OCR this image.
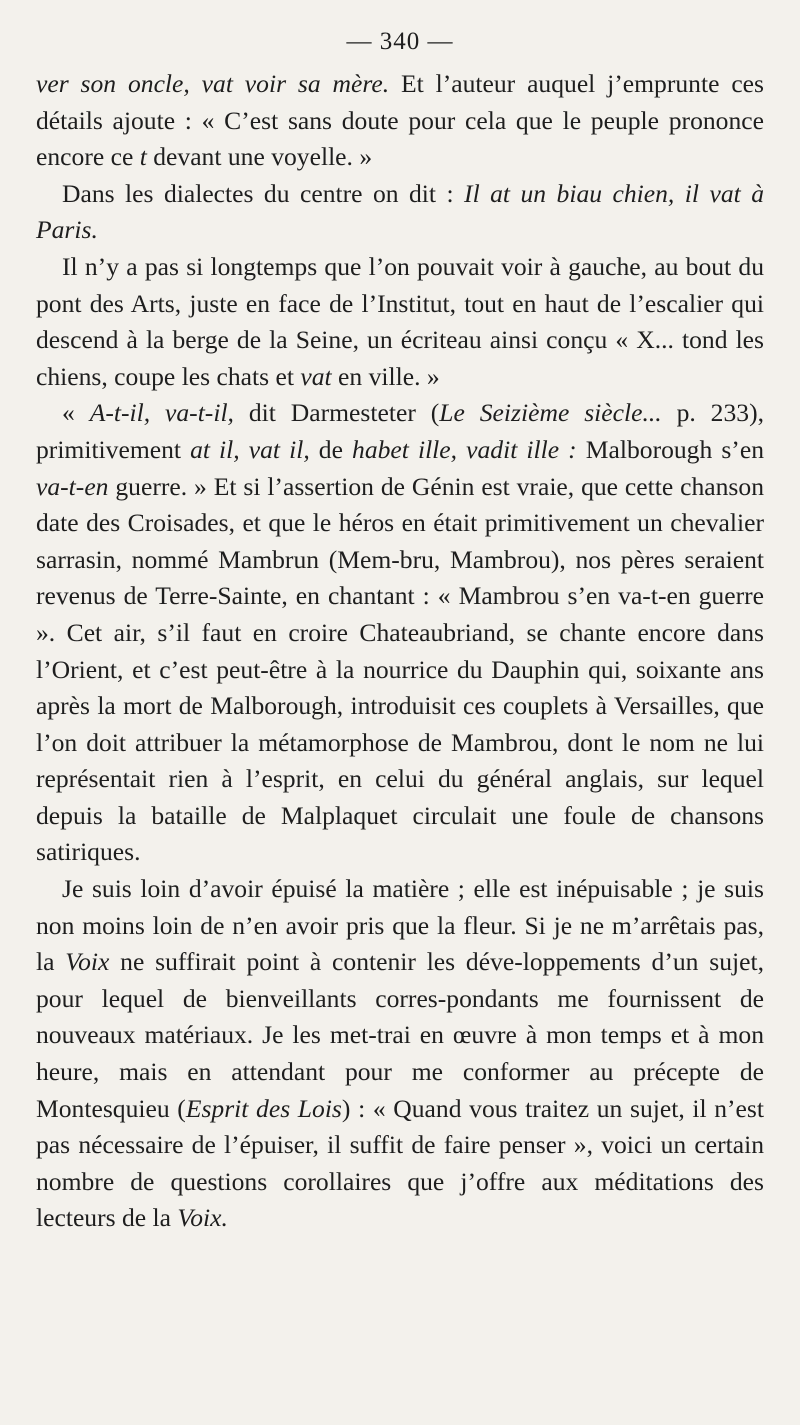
— 340 —

ver son oncle, vat voir sa mère. Et l’auteur auquel j’emprunte ces détails ajoute : « C’est sans doute pour cela que le peuple prononce encore ce t devant une voyelle. »

Dans les dialectes du centre on dit : Il at un biau chien, il vat à Paris.

Il n’y a pas si longtemps que l’on pouvait voir à gauche, au bout du pont des Arts, juste en face de l’Institut, tout en haut de l’escalier qui descend à la berge de la Seine, un écriteau ainsi conçu « X... tond les chiens, coupe les chats et vat en ville. »

« A-t-il, va-t-il, dit Darmesteter (Le Seizième siècle... p. 233), primitivement at il, vat il, de habet ille, vadit ille : Malborough s’en va-t-en guerre. » Et si l’assertion de Génin est vraie, que cette chanson date des Croisades, et que le héros en était primitivement un chevalier sarrasin, nommé Mambrun (Mem-bru, Mambrou), nos pères seraient revenus de Terre-Sainte, en chantant : « Mambrou s’en va-t-en guerre ». Cet air, s’il faut en croire Chateaubriand, se chante encore dans l’Orient, et c’est peut-être à la nourrice du Dauphin qui, soixante ans après la mort de Malborough, introduisit ces couplets à Versailles, que l’on doit attribuer la métamorphose de Mambrou, dont le nom ne lui représentait rien à l’esprit, en celui du général anglais, sur lequel depuis la bataille de Malplaquet circulait une foule de chansons satiriques.

Je suis loin d’avoir épuisé la matière ; elle est inépuisable ; je suis non moins loin de n’en avoir pris que la fleur. Si je ne m’arrêtais pas, la Voix ne suffirait point à contenir les déve-loppements d’un sujet, pour lequel de bienveillants corres-pondants me fournissent de nouveaux matériaux. Je les met-trai en œuvre à mon temps et à mon heure, mais en attendant pour me conformer au précepte de Montesquieu (Esprit des Lois) : « Quand vous traitez un sujet, il n’est pas nécessaire de l’épuiser, il suffit de faire penser », voici un certain nombre de questions corollaires que j’offre aux méditations des lecteurs de la Voix.
